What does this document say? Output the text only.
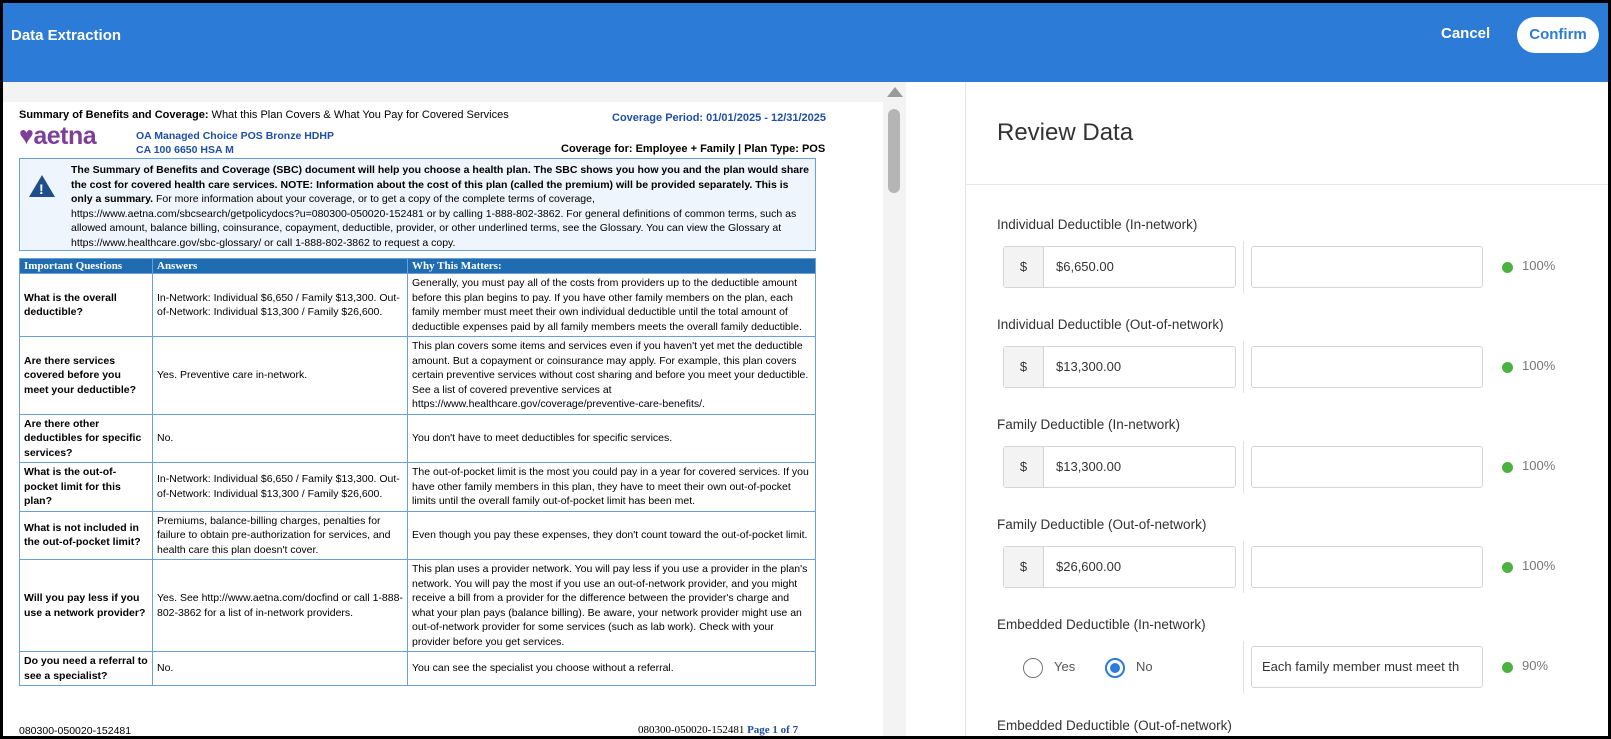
Data Extraction	Cancel	Confirm
Summary of Benefits and Coverage: What this Plan Covers & What You Pay for Covered Services	Coverage Period: 01/01/2025 - 12/31/2025
♥aetna	OA Managed Choice POS Bronze HDHP
CA 100 6650 HSA M	Coverage for: Employee + Family | Plan Type: POS
!
The Summary of Benefits and Coverage (SBC) document will help you choose a health plan. The SBC shows you how you and the plan would share the cost for covered health care services. NOTE: Information about the cost of this plan (called the premium) will be provided separately. This is only a summary. For more information about your coverage, or to get a copy of the complete terms of coverage, https://www.aetna.com/sbcsearch/getpolicydocs?u=080300-050020-152481 or by calling 1-888-802-3862. For general definitions of common terms, such as allowed amount, balance billing, coinsurance, copayment, deductible, provider, or other underlined terms, see the Glossary. You can view the Glossary at https://www.healthcare.gov/sbc-glossary/ or call 1-888-802-3862 to request a copy.
Important Questions	Answers	Why This Matters:
What is the overall deductible?	In-Network: Individual $6,650 / Family $13,300. Out-of-Network: Individual $13,300 / Family $26,600.	Generally, you must pay all of the costs from providers up to the deductible amount before this plan begins to pay. If you have other family members on the plan, each family member must meet their own individual deductible until the total amount of deductible expenses paid by all family members meets the overall family deductible.
Are there services covered before you meet your deductible?	Yes. Preventive care in-network.	This plan covers some items and services even if you haven't yet met the deductible amount. But a copayment or coinsurance may apply. For example, this plan covers certain preventive services without cost sharing and before you meet your deductible. See a list of covered preventive services at https://www.healthcare.gov/coverage/preventive-care-benefits/.
Are there other deductibles for specific services?	No.	You don't have to meet deductibles for specific services.
What is the out-of-pocket limit for this plan?	In-Network: Individual $6,650 / Family $13,300. Out-of-Network: Individual $13,300 / Family $26,600.	The out-of-pocket limit is the most you could pay in a year for covered services. If you have other family members in this plan, they have to meet their own out-of-pocket limits until the overall family out-of-pocket limit has been met.
What is not included in the out-of-pocket limit?	Premiums, balance-billing charges, penalties for failure to obtain pre-authorization for services, and health care this plan doesn't cover.	Even though you pay these expenses, they don't count toward the out-of-pocket limit.
Will you pay less if you use a network provider?	Yes. See http://www.aetna.com/docfind or call 1-888-802-3862 for a list of in-network providers.	This plan uses a provider network. You will pay less if you use a provider in the plan's network. You will pay the most if you use an out-of-network provider, and you might receive a bill from a provider for the difference between the provider's charge and what your plan pays (balance billing). Be aware, your network provider might use an out-of-network provider for some services (such as lab work). Check with your provider before you get services.
Do you need a referral to see a specialist?	No.	You can see the specialist you choose without a referral.
080300-050020-152481	080300-050020-152481 Page 1 of 7
Review Data
Individual Deductible (In-network)
$	$6,650.00	100%
Individual Deductible (Out-of-network)
$	$13,300.00	100%
Family Deductible (In-network)
$	$13,300.00	100%
Family Deductible (Out-of-network)
$	$26,600.00	100%
Embedded Deductible (In-network)
Yes	No	Each family member must meet th	90%
Embedded Deductible (Out-of-network)
